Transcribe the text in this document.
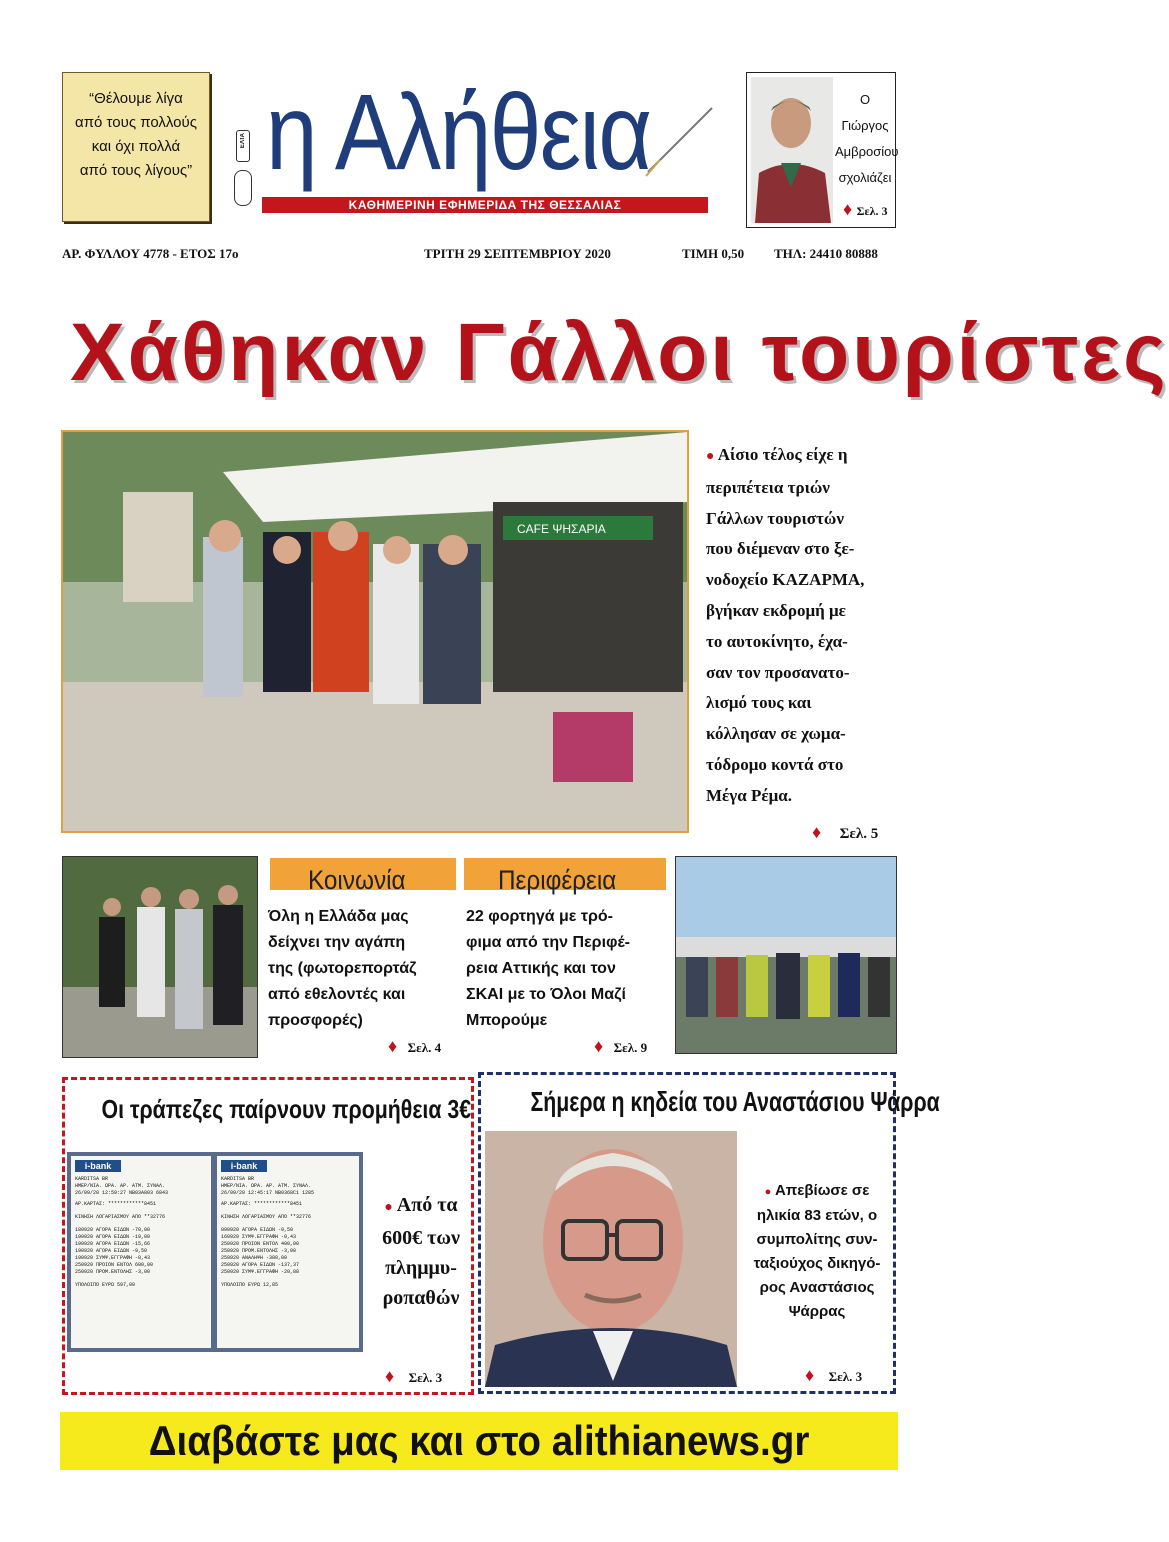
“Θέλουμε λίγα
από τους πολλούς
και όχι πολλά
από τους λίγους”
ΕΛΤΑ η Αλήθεια
ΚΑΘΗΜΕΡΙΝΗ ΕΦΗΜΕΡΙΔΑ ΤΗΣ ΘΕΣΣΑΛΙΑΣ
Ο Γιώργος
Αμβροσίου
σχολιάζει
♦ Σελ. 3
ΑΡ. ΦΥΛΛΟΥ 4778 - ΕΤΟΣ 17ο	ΤΡΙΤΗ 29 ΣΕΠΤΕΜΒΡΙΟΥ 2020	ΤΙΜΗ 0,50 ΤΗΛ: 24410 80888
Χάθηκαν Γάλλοι τουρίστες
CAFE ΨΗΣΑΡΙΑ
● Αίσιο τέλος είχε η
περιπέτεια τριών
Γάλλων τουριστών
που διέμεναν στο ξε-
νοδοχείο ΚΑΖΑΡΜΑ,
βγήκαν εκδρομή με
το αυτοκίνητο, έχα-
σαν τον προσανατο-
λισμό τους και
κόλλησαν σε χωμα-
τόδρομο κοντά στο
Μέγα Ρέμα.
♦ Σελ. 5
Κοινωνία
Όλη η Ελλάδα μας
δείχνει την αγάπη
της (φωτορεπορτάζ
από εθελοντές και
προσφορές)
♦ Σελ. 4
Περιφέρεια
22 φορτηγά με τρό-
φιμα από την Περιφέ-
ρεια Αττικής και τον
ΣΚΑΙ με το Όλοι Μαζί
Μπορούμε
♦ Σελ. 9
Οι τράπεζες παίρνουν προμήθεια 3€
i-bank
KARDITSA BR
ΗΜΕΡ/ΝΙΑ. ΩΡΑ. ΑΡ. ΑΤΜ. ΣΥΝΑΛ.
26/09/20 12:59:27 NB03A803 6843
ΑΡ.ΚΑΡΤΑΣ: ************8451
ΚΙΝΗΣΗ ΛΟΓΑΡΙΑΣΜΟΥ ΑΠΟ **32776
180920 ΑΓΟΡΑ ΕΙΔΩΝ -70,00
190920 ΑΓΟΡΑ ΕΙΔΩΝ -19,00
190920 ΑΓΟΡΑ ΕΙΔΩΝ -15,66
190920 ΑΓΟΡΑ ΕΙΔΩΝ -9,50
190920 ΣΥΜΨ.ΕΓΓΡΑΦΗ -0,43
250920 ΠΡΟΙΟΝ ΕΝΤΟΛ 600,00
250920 ΠΡΟΜ.ΕΝΤΟΛΗΣ -3,00
ΥΠΟΛΟΙΠΟ ΕΥΡΩ 597,00
i-bank
KARDITSA BR
ΗΜΕΡ/ΝΙΑ. ΩΡΑ. ΑΡ. ΑΤΜ. ΣΥΝΑΛ.
26/09/20 12:45:17 NB0368C1 1285
ΑΡ.ΚΑΡΤΑΣ: ************8451
ΚΙΝΗΣΗ ΛΟΓΑΡΙΑΣΜΟΥ ΑΠΟ **32776
090920 ΑΓΟΡΑ ΕΙΔΩΝ -9,50
160920 ΣΥΜΨ.ΕΓΓΡΑΦΗ -0,43
250920 ΠΡΟΙΟΝ ΕΝΤΟΛ 400,00
250920 ΠΡΟΜ.ΕΝΤΟΛΗΣ -3,00
250920 ΑΝΑΛΗΨΗ -380,00
250920 ΑΓΟΡΑ ΕΙΔΩΝ -137,37
250920 ΣΥΜΨ.ΕΓΓΡΑΦΗ -20,88
ΥΠΟΛΟΙΠΟ ΕΥΡΩ 12,85
● Από τα
600€ των
πλημμυ-
ροπαθών
♦ Σελ. 3
Σήμερα η κηδεία του Αναστάσιου Ψάρρα
● Απεβίωσε σε
ηλικία 83 ετών, ο
συμπολίτης συν-
ταξιούχος δικηγό-
ρος Αναστάσιος
Ψάρρας
♦ Σελ. 3
Διαβάστε μας και στο alithianews.gr
